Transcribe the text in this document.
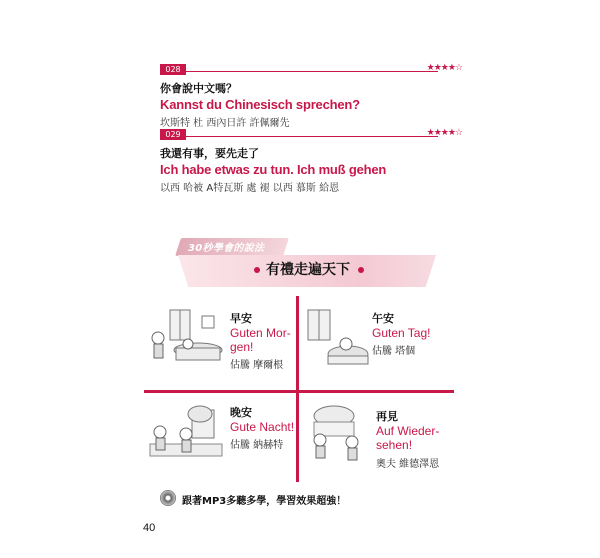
028	★★★★☆
你會說中文嗎？
Kannst du Chinesisch sprechen?
坎斯特 杜 西內日許 許佩爾先
029	★★★★☆
我還有事，要先走了
Ich habe etwas zu tun. Ich muß gehen
以西 哈被 A特瓦斯 處 褪 以西 慕斯 給恩
30秒學會的說法
有禮走遍天下
早安
Guten Mor-
gen!
估騰 摩爾根
午安
Guten Tag!
估騰 塔個
晚安
Gute Nacht!
估騰 納赫特
再見
Auf Wieder-
sehen!
奧夫 維德澤恩
跟著MP3多聽多學，學習效果超強！
40
